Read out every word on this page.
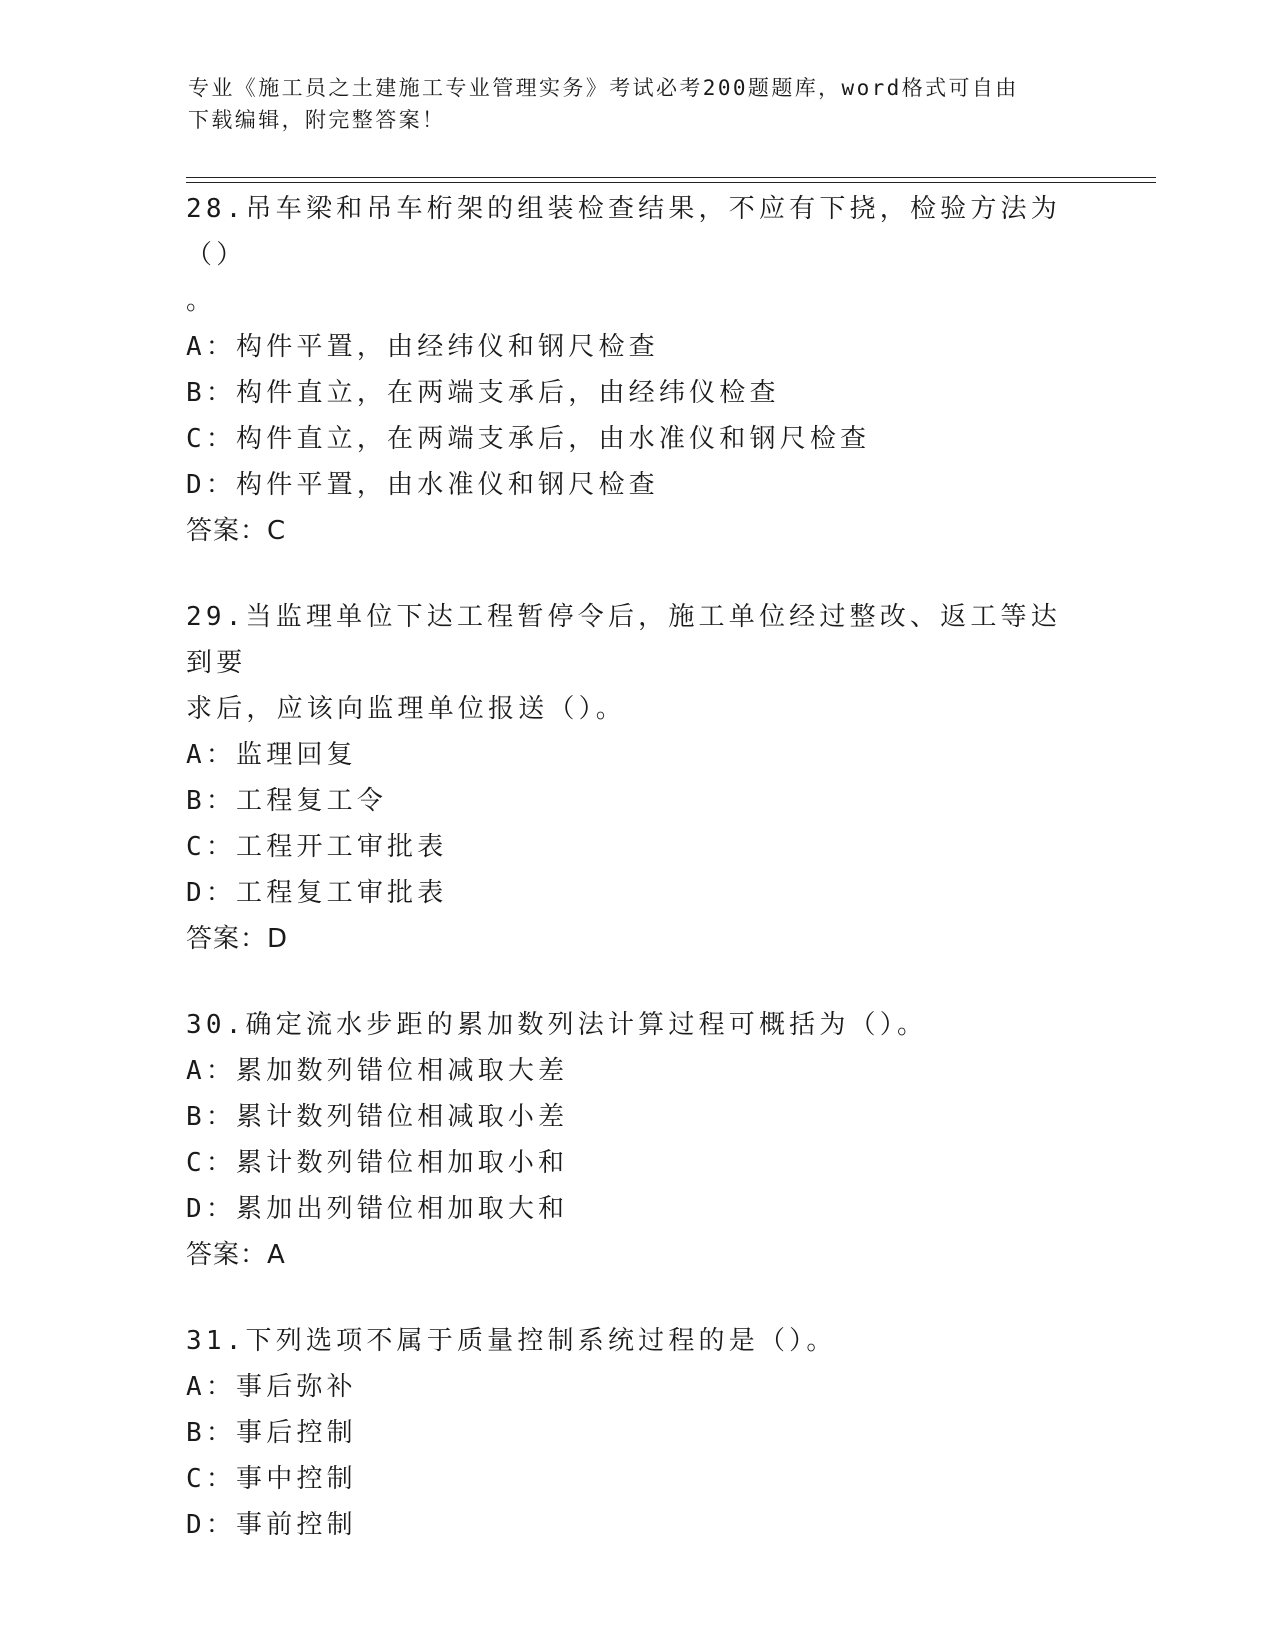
专业《施工员之土建施工专业管理实务》考试必考200题题库，word格式可自由
下载编辑，附完整答案！

28.吊车梁和吊车桁架的组装检查结果，不应有下挠，检验方法为（）
。

A：构件平置，由经纬仪和钢尺检查
B：构件直立，在两端支承后，由经纬仪检查
C：构件直立，在两端支承后，由水准仪和钢尺检查
D：构件平置，由水准仪和钢尺检查
答案：C

29.当监理单位下达工程暂停令后，施工单位经过整改、返工等达到要
求后，应该向监理单位报送（）。

A：监理回复
B：工程复工令
C：工程开工审批表
D：工程复工审批表
答案：D

30.确定流水步距的累加数列法计算过程可概括为（）。

A：累加数列错位相减取大差
B：累计数列错位相减取小差
C：累计数列错位相加取小和
D：累加出列错位相加取大和
答案：A

31.下列选项不属于质量控制系统过程的是（）。

A：事后弥补
B：事后控制
C：事中控制
D：事前控制
